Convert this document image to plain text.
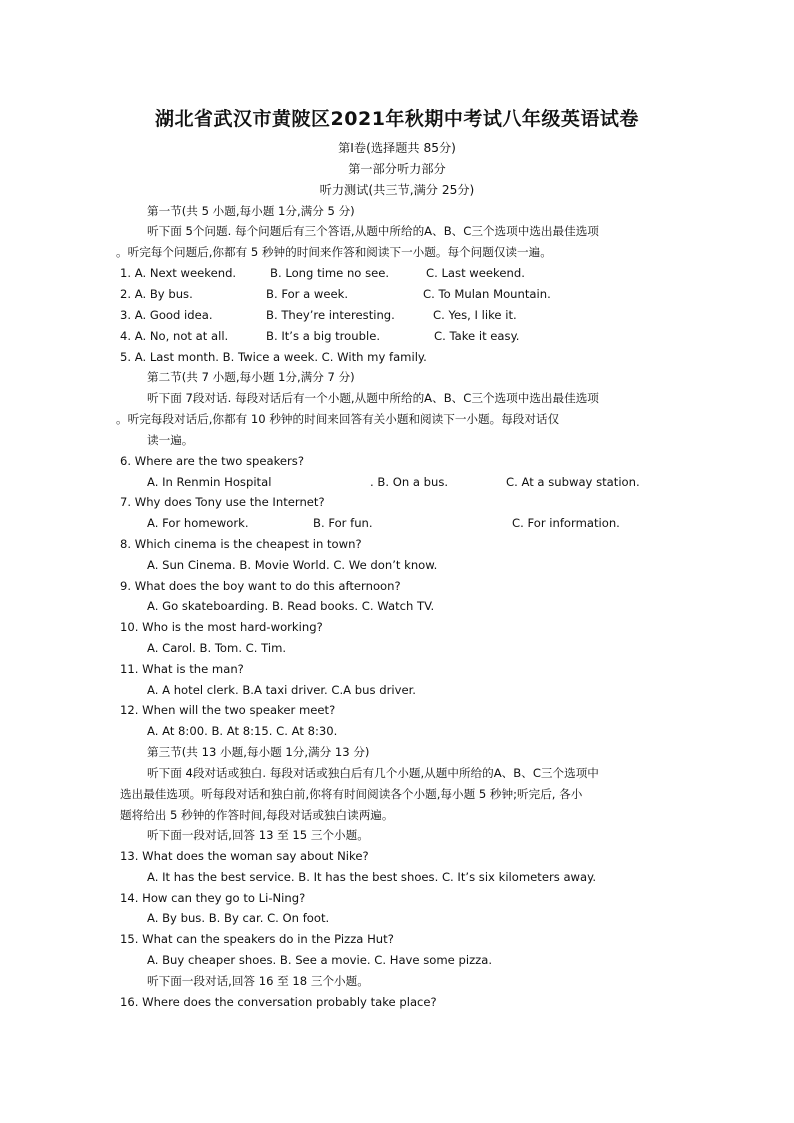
湖北省武汉市黄陂区2021年秋期中考试八年级英语试卷
第Ⅰ卷(选择题共 85分)
第一部分听力部分
听力测试(共三节,满分 25分)
第一节(共 5 小题,每小题 1分,满分 5 分)
听下面 5个问题. 每个问题后有三个答语,从题中所给的A、B、C三个选项中选出最佳选项
。听完每个问题后,你都有 5 秒钟的时间来作答和阅读下一小题。每个问题仅读一遍。
1. A. Next weekend.	B. Long time no see.	C. Last weekend.
2. A. By bus.	B. For a week.	C. To Mulan Mountain.
3. A. Good idea.	B. They’re interesting.	C. Yes, I like it.
4. A. No, not at all.	B. It’s a big trouble.	C. Take it easy.
5. A. Last month. B. Twice a week. C. With my family.
第二节(共 7 小题,每小题 1分,满分 7 分)
听下面 7段对话. 每段对话后有一个小题,从题中所给的A、B、C三个选项中选出最佳选项
。听完每段对话后,你都有 10 秒钟的时间来回答有关小题和阅读下一小题。每段对话仅
读一遍。
6. Where are the two speakers?
A. In Renmin Hospital	. B. On a bus.	C. At a subway station.
7. Why does Tony use the Internet?
A. For homework.	B. For fun.	C. For information.
8. Which cinema is the cheapest in town?
A. Sun Cinema. B. Movie World. C. We don’t know.
9. What does the boy want to do this afternoon?
A. Go skateboarding. B. Read books. C. Watch TV.
10. Who is the most hard-working?
A. Carol. B. Tom. C. Tim.
11. What is the man?
A. A hotel clerk. B.A taxi driver. C.A bus driver.
12. When will the two speaker meet?
A. At 8:00. B. At 8:15. C. At 8:30.
第三节(共 13 小题,每小题 1分,满分 13 分)
听下面 4段对话或独白. 每段对话或独白后有几个小题,从题中所给的A、B、C三个选项中
选出最佳选项。听每段对话和独白前,你将有时间阅读各个小题,每小题 5 秒钟;听完后, 各小
题将给出 5 秒钟的作答时间,每段对话或独白读两遍。
听下面一段对话,回答 13 至 15 三个小题。
13. What does the woman say about Nike?
A. It has the best service. B. It has the best shoes. C. It’s six kilometers away.
14. How can they go to Li-Ning?
A. By bus. B. By car. C. On foot.
15. What can the speakers do in the Pizza Hut?
A. Buy cheaper shoes. B. See a movie. C. Have some pizza.
听下面一段对话,回答 16 至 18 三个小题。
16. Where does the conversation probably take place?
